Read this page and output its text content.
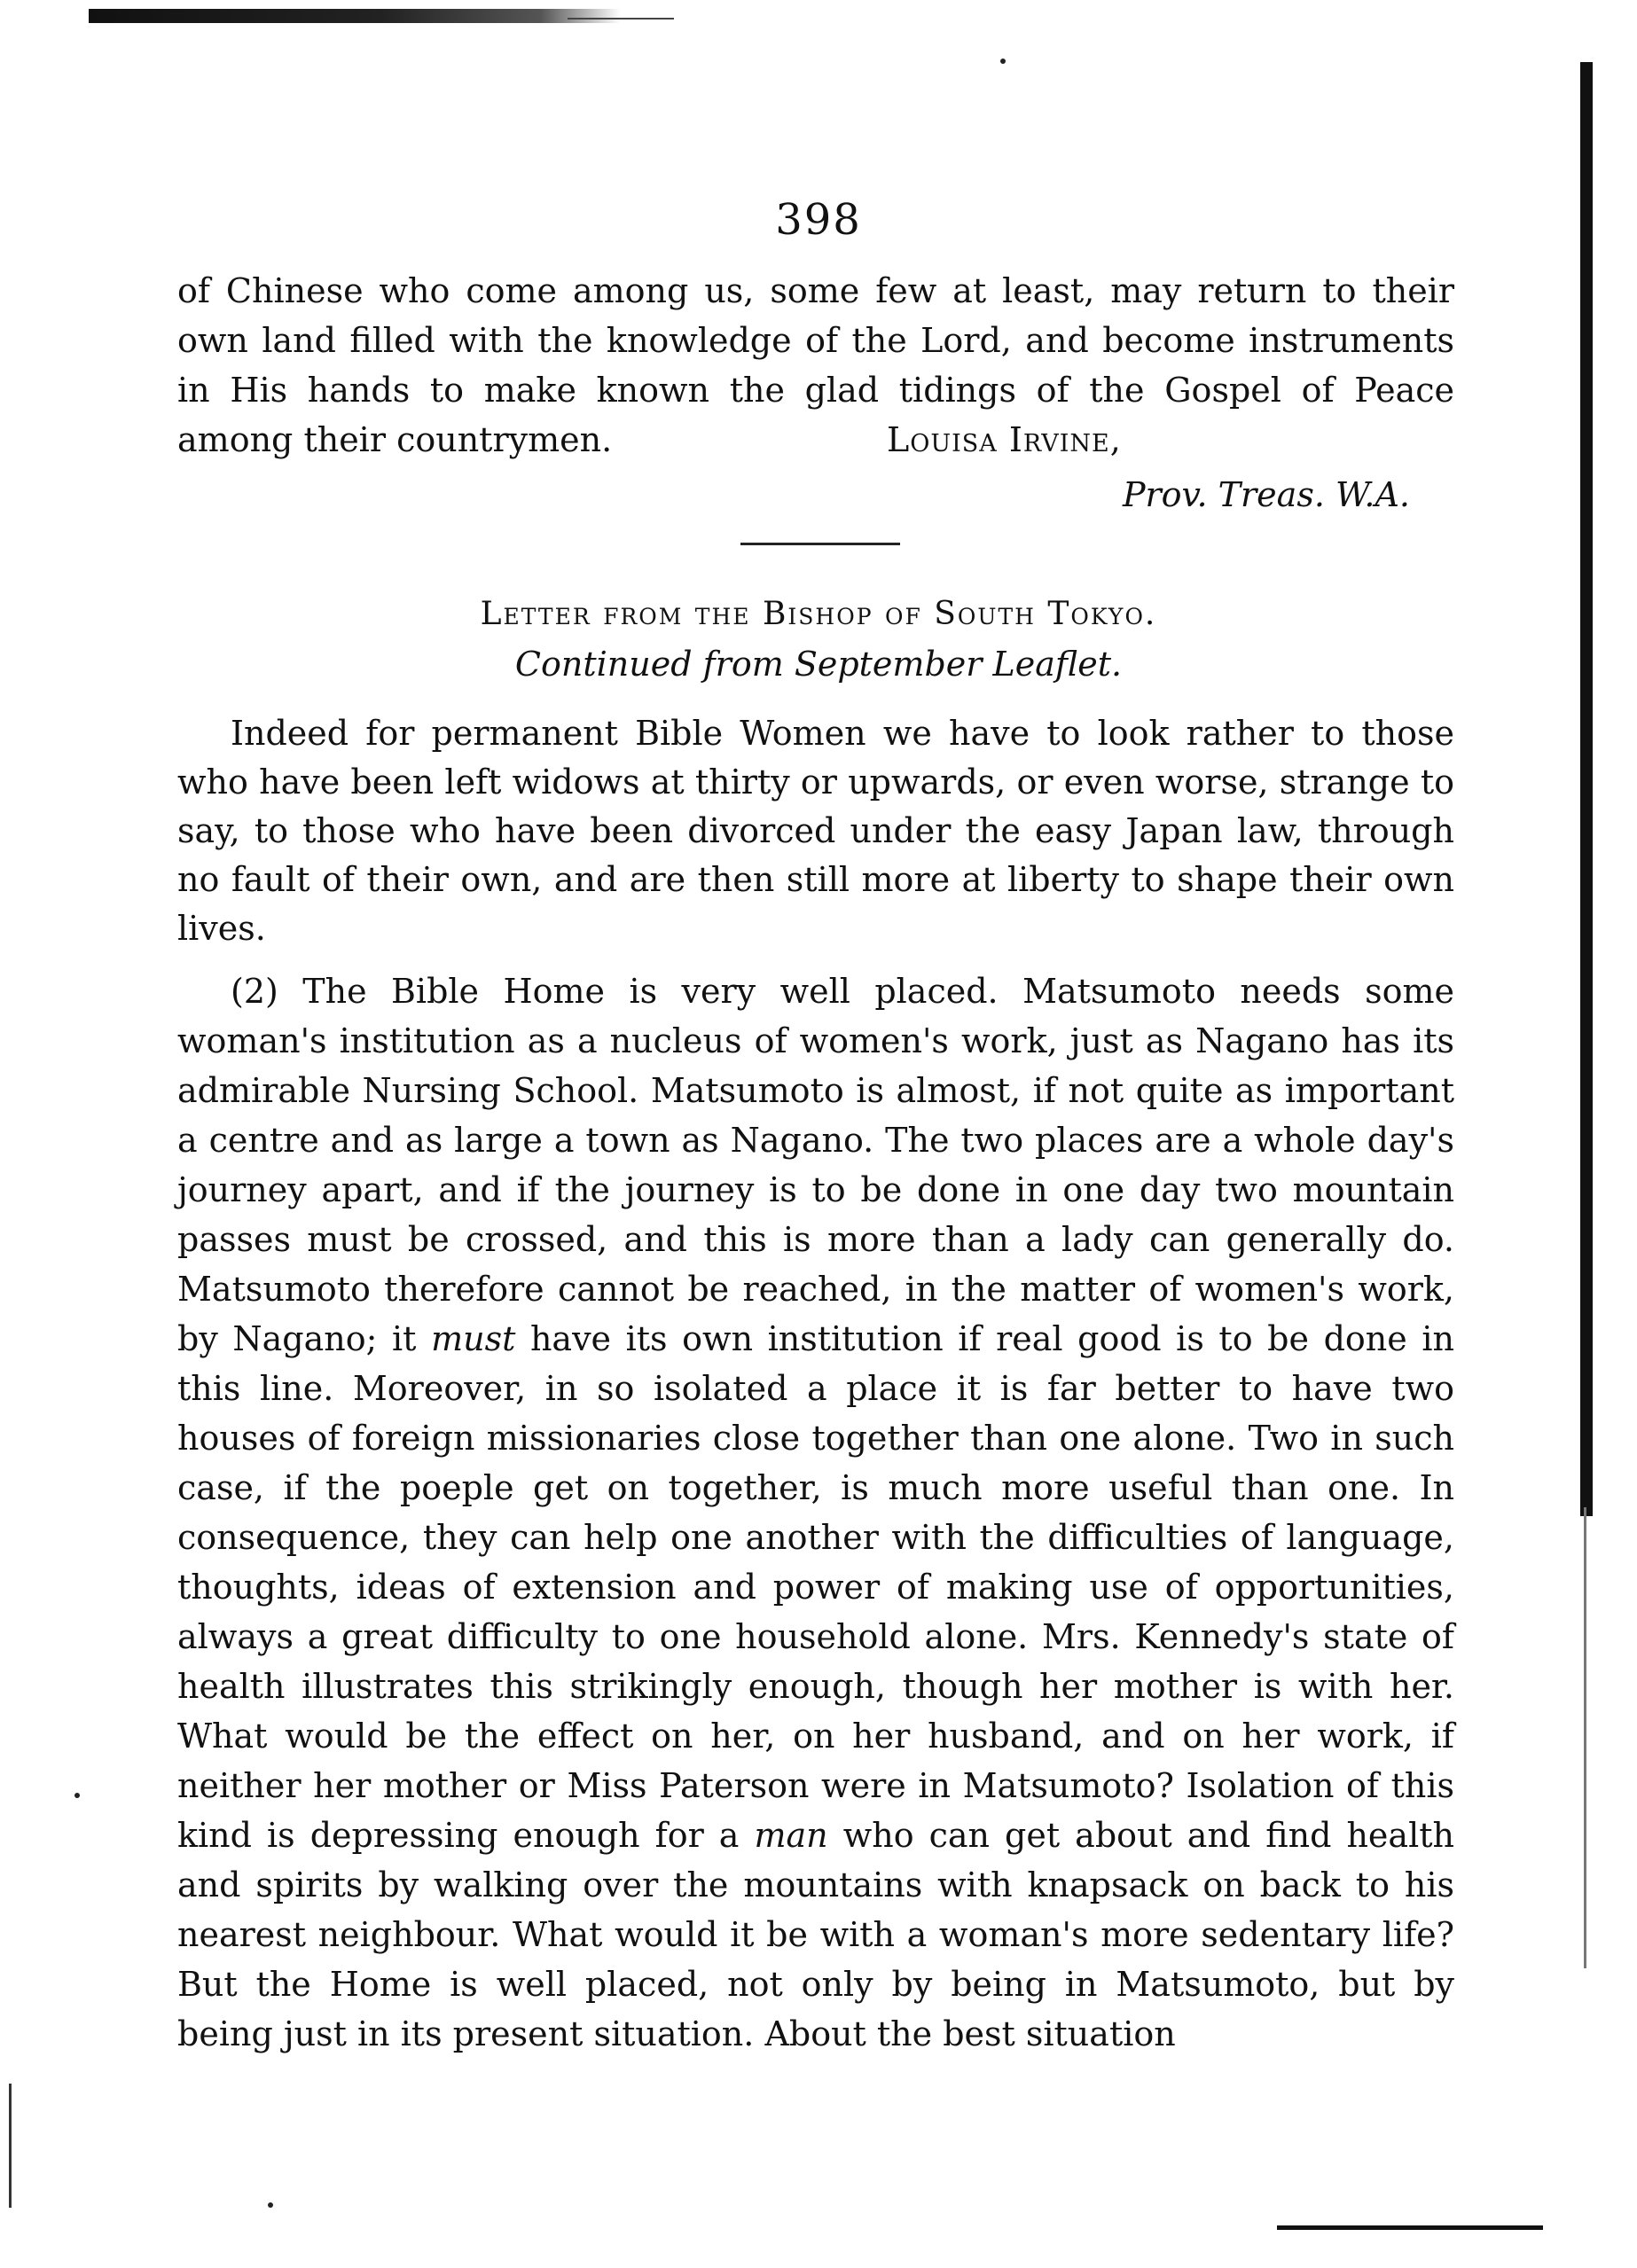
398

of Chinese who come among us, some few at least, may return to their own land filled with the knowledge of the Lord, and become instruments in His hands to make known the glad tidings of the Gospel of Peace among their countrymen.	Louisa Irvine,
Prov. Treas. W.A.
Letter from the Bishop of South Tokyo.
Continued from September Leaflet.

Indeed for permanent Bible Women we have to look rather to those who have been left widows at thirty or upwards, or even worse, strange to say, to those who have been divorced under the easy Japan law, through no fault of their own, and are then still more at liberty to shape their own lives.

(2) The Bible Home is very well placed. Matsumoto needs some woman's institution as a nucleus of women's work, just as Nagano has its admirable Nursing School. Matsumoto is almost, if not quite as important a centre and as large a town as Nagano. The two places are a whole day's journey apart, and if the journey is to be done in one day two mountain passes must be crossed, and this is more than a lady can generally do. Matsumoto therefore cannot be reached, in the matter of women's work, by Nagano; it must have its own institution if real good is to be done in this line. Moreover, in so isolated a place it is far better to have two houses of foreign missionaries close together than one alone. Two in such case, if the poeple get on together, is much more useful than one. In consequence, they can help one another with the difficulties of language, thoughts, ideas of extension and power of making use of opportunities, always a great difficulty to one household alone. Mrs. Kennedy's state of health illustrates this strikingly enough, though her mother is with her. What would be the effect on her, on her husband, and on her work, if neither her mother or Miss Paterson were in Matsumoto? Isolation of this kind is depressing enough for a man who can get about and find health and spirits by walking over the mountains with knapsack on back to his nearest neighbour. What would it be with a woman's more sedentary life? But the Home is well placed, not only by being in Matsumoto, but by being just in its present situation. About the best situation
